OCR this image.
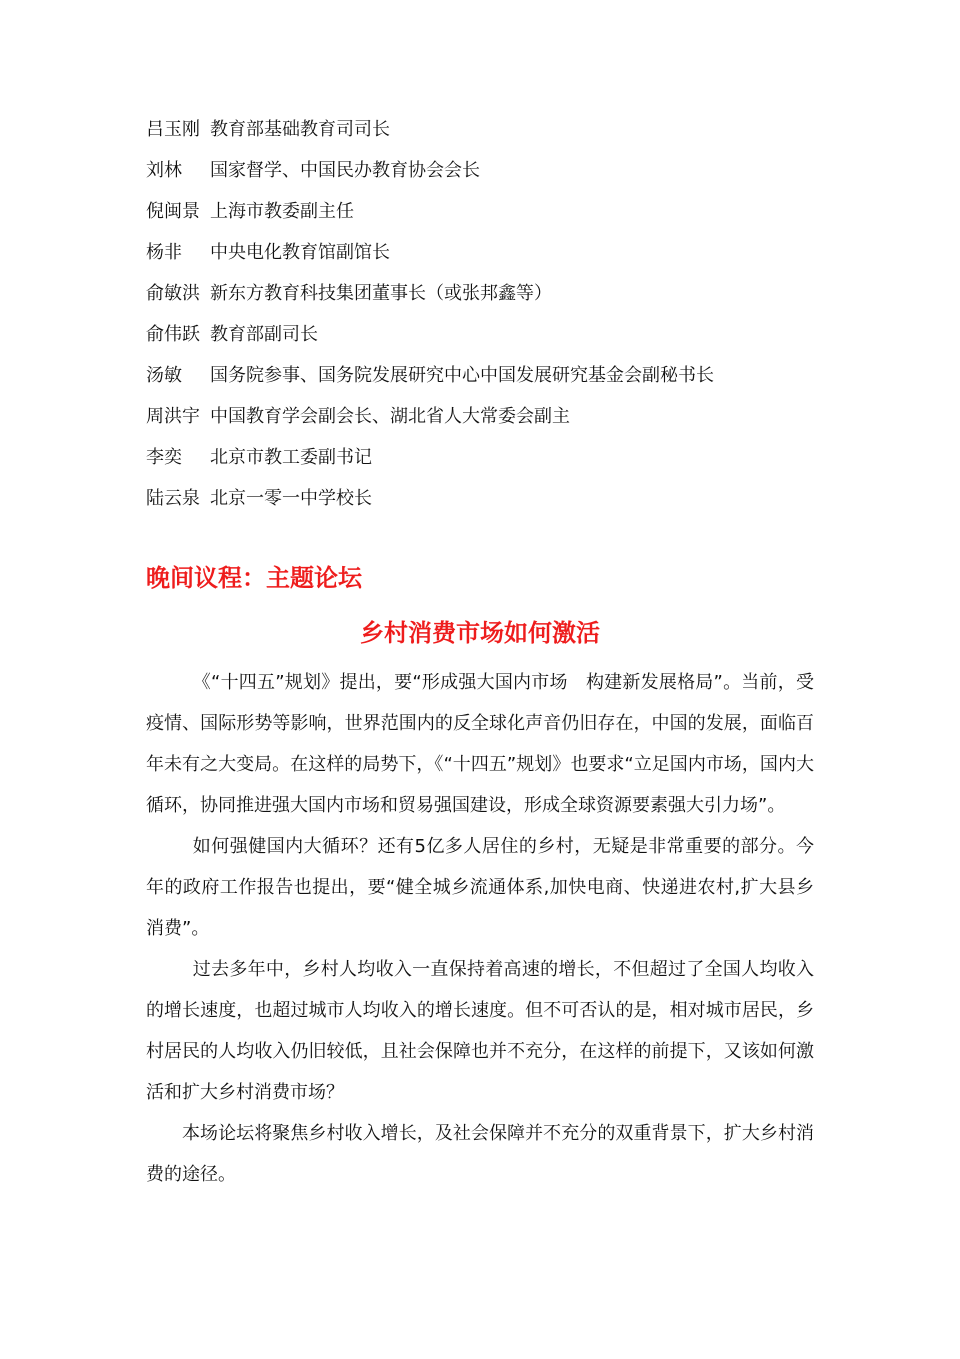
吕玉刚 教育部基础教育司司长
刘林 国家督学、中国民办教育协会会长
倪闽景 上海市教委副主任
杨非 中央电化教育馆副馆长
俞敏洪 新东方教育科技集团董事长（或张邦鑫等）
俞伟跃 教育部副司长
汤敏 国务院参事、国务院发展研究中心中国发展研究基金会副秘书长
周洪宇 中国教育学会副会长、湖北省人大常委会副主
李奕 北京市教工委副书记
陆云泉 北京一零一中学校长
晚间议程：主题论坛
乡村消费市场如何激活

《“十四五”规划》提出，要“形成强大国内市场　构建新发展格局”。当前，受疫情、国际形势等影响，世界范围内的反全球化声音仍旧存在，中国的发展，面临百年未有之大变局。在这样的局势下，《“十四五”规划》也要求“立足国内市场，国内大循环，协同推进强大国内市场和贸易强国建设，形成全球资源要素强大引力场”。

如何强健国内大循环？还有5亿多人居住的乡村，无疑是非常重要的部分。今年的政府工作报告也提出，要“健全城乡流通体系,加快电商、快递进农村,扩大县乡消费”。

过去多年中，乡村人均收入一直保持着高速的增长，不但超过了全国人均收入的增长速度，也超过城市人均收入的增长速度。但不可否认的是，相对城市居民，乡村居民的人均收入仍旧较低，且社会保障也并不充分，在这样的前提下，又该如何激活和扩大乡村消费市场？

本场论坛将聚焦乡村收入增长，及社会保障并不充分的双重背景下，扩大乡村消费的途径。
